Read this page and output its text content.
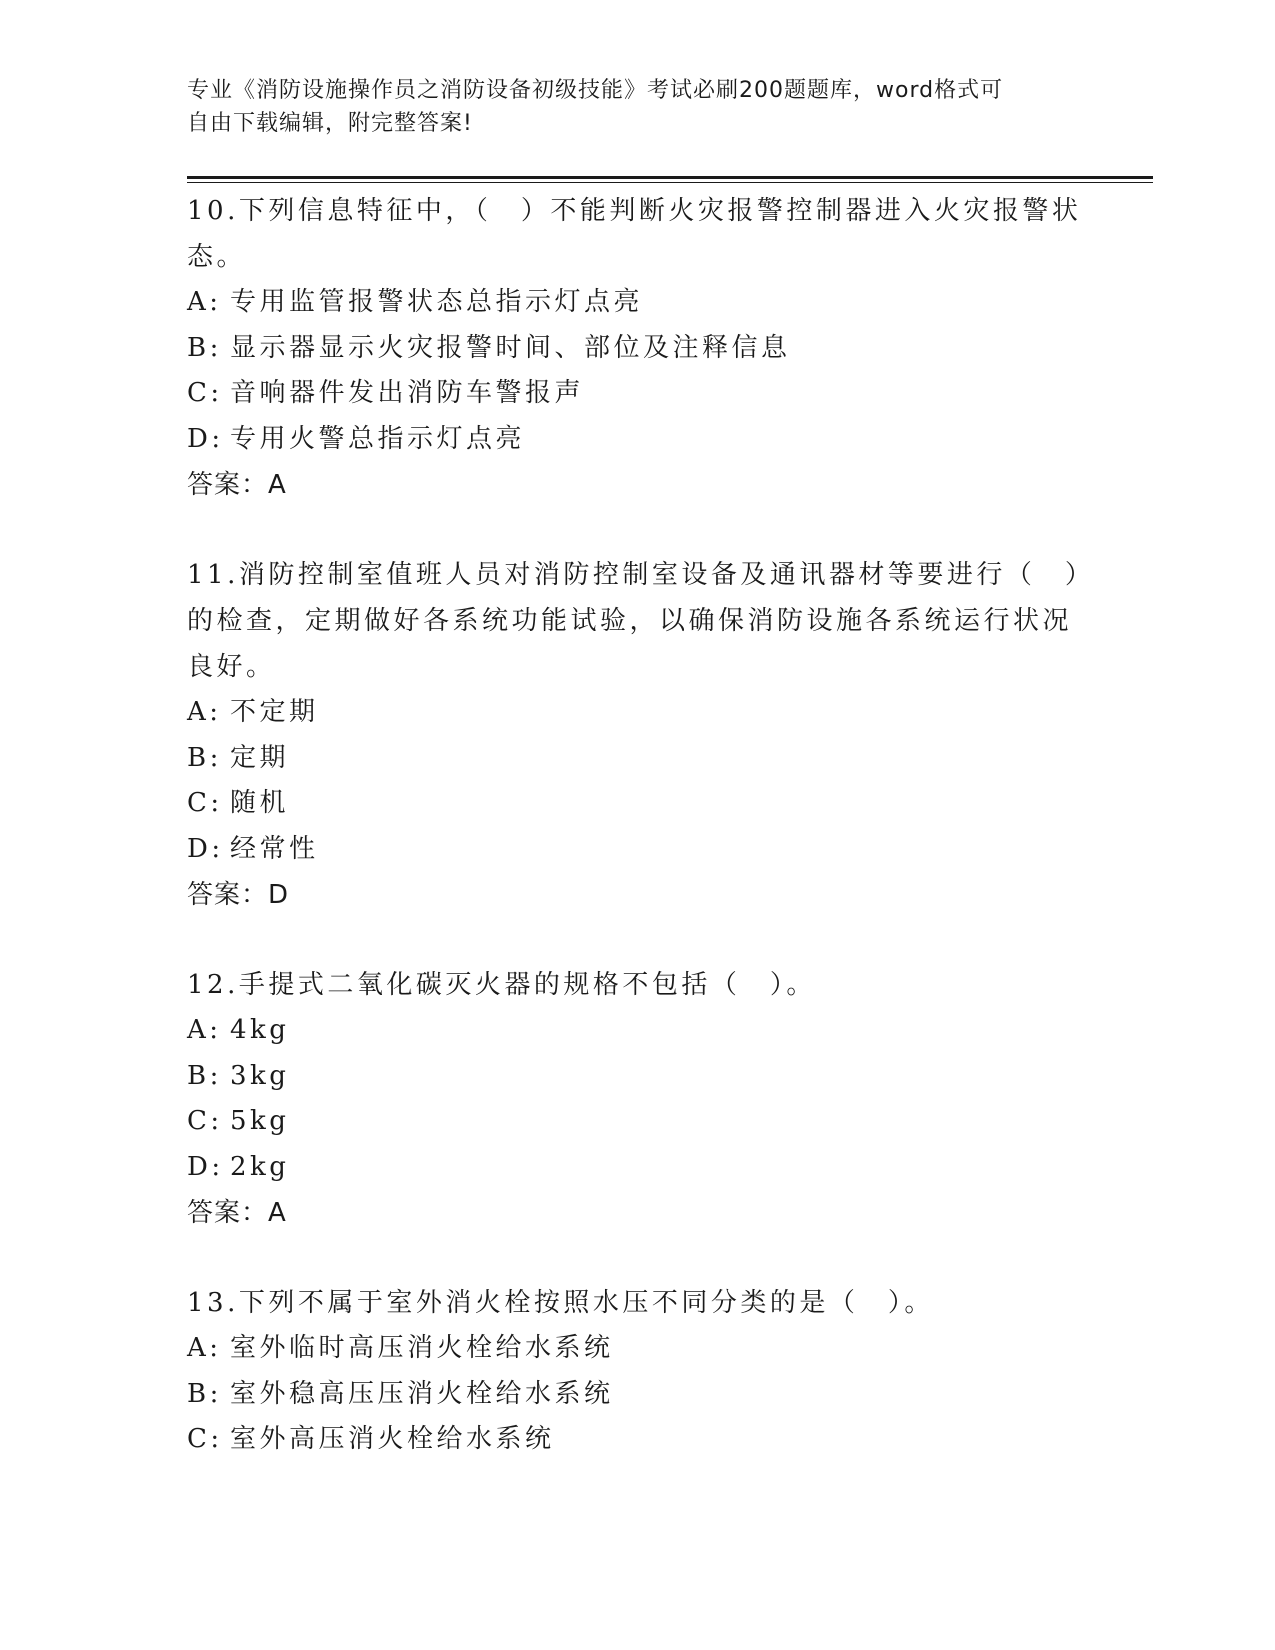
专业《消防设施操作员之消防设备初级技能》考试必刷200题题库，word格式可
自由下载编辑，附完整答案!

10.下列信息特征中，（　）不能判断火灾报警控制器进入火灾报警状态。

A: 专用监管报警状态总指示灯点亮

B: 显示器显示火灾报警时间、部位及注释信息

C: 音响器件发出消防车警报声

D: 专用火警总指示灯点亮

答案：A

11.消防控制室值班人员对消防控制室设备及通讯器材等要进行（　）的检查，定期做好各系统功能试验，以确保消防设施各系统运行状况良好。

A: 不定期

B: 定期

C: 随机

D: 经常性

答案：D

12.手提式二氧化碳灭火器的规格不包括（　）。

A: 4kg

B: 3kg

C: 5kg

D: 2kg

答案：A

13.下列不属于室外消火栓按照水压不同分类的是（　）。

A: 室外临时高压消火栓给水系统

B: 室外稳高压压消火栓给水系统

C: 室外高压消火栓给水系统
